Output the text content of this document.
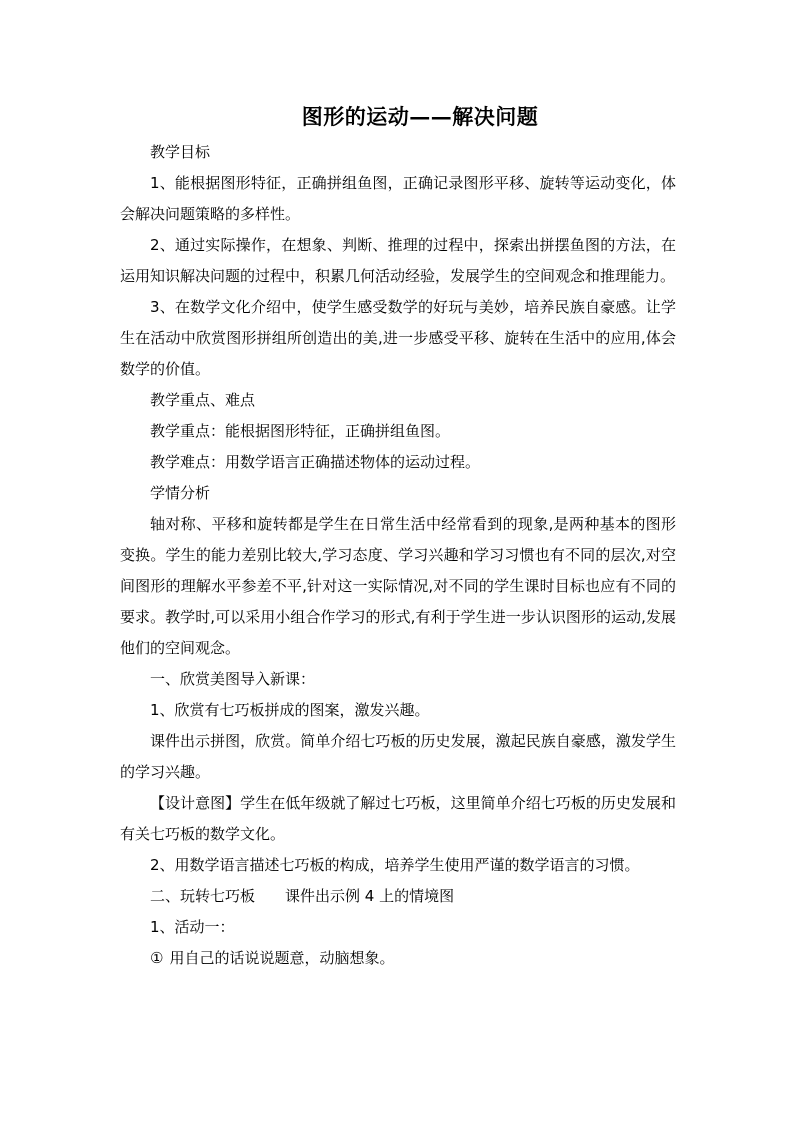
图形的运动——解决问题

教学目标

1、能根据图形特征，正确拼组鱼图，正确记录图形平移、旋转等运动变化，体会解决问题策略的多样性。

2、通过实际操作，在想象、判断、推理的过程中，探索出拼摆鱼图的方法，在运用知识解决问题的过程中，积累几何活动经验，发展学生的空间观念和推理能力。

3、在数学文化介绍中，使学生感受数学的好玩与美妙，培养民族自豪感。让学生在活动中欣赏图形拼组所创造出的美,进一步感受平移、旋转在生活中的应用,体会数学的价值。

教学重点、难点

教学重点：能根据图形特征，正确拼组鱼图。

教学难点：用数学语言正确描述物体的运动过程。

学情分析

轴对称、平移和旋转都是学生在日常生活中经常看到的现象,是两种基本的图形变换。学生的能力差别比较大,学习态度、学习兴趣和学习习惯也有不同的层次,对空间图形的理解水平参差不平,针对这一实际情况,对不同的学生课时目标也应有不同的要求。教学时,可以采用小组合作学习的形式,有利于学生进一步认识图形的运动,发展他们的空间观念。

一、欣赏美图导入新课：

1、欣赏有七巧板拼成的图案，激发兴趣。

课件出示拼图，欣赏。简单介绍七巧板的历史发展，激起民族自豪感，激发学生的学习兴趣。

【设计意图】学生在低年级就了解过七巧板，这里简单介绍七巧板的历史发展和有关七巧板的数学文化。

2、用数学语言描述七巧板的构成，培养学生使用严谨的数学语言的习惯。

二、玩转七巧板　　课件出示例 4 上的情境图

1、活动一：

① 用自己的话说说题意，动脑想象。
